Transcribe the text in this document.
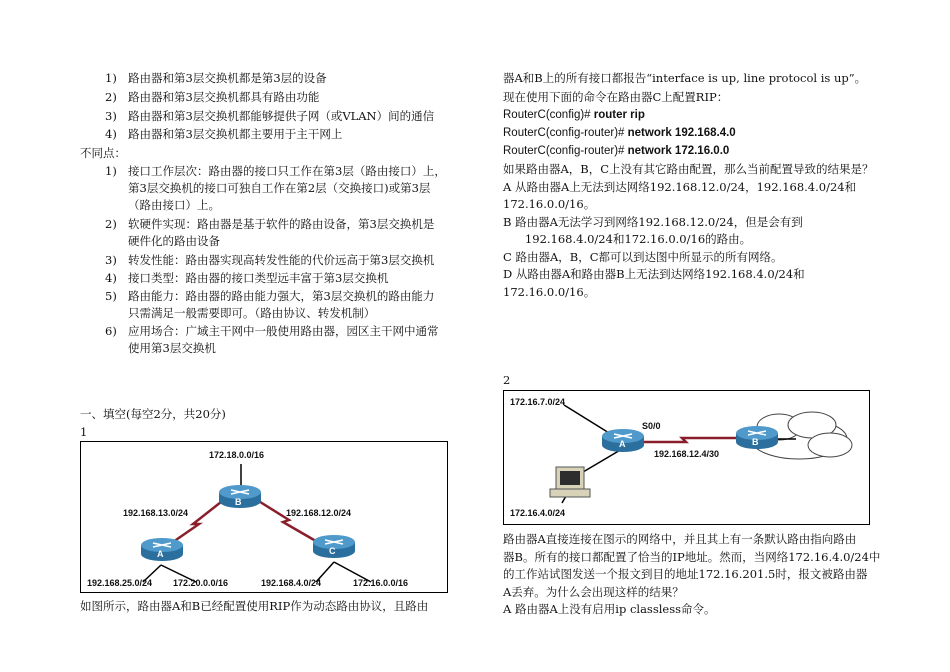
1) 路由器和第3层交换机都是第3层的设备
2) 路由器和第3层交换机都具有路由功能
3) 路由器和第3层交换机都能够提供子网（或VLAN）间的通信
4) 路由器和第3层交换机都主要用于主干网上
不同点：
1) 接口工作层次：路由器的接口只工作在第3层（路由接口）上，
第3层交换机的接口可独自工作在第2层（交换接口)或第3层
（路由接口）上。
2) 软硬件实现：路由器是基于软件的路由设备，第3层交换机是
硬件化的路由设备
3) 转发性能：路由器实现高转发性能的代价远高于第3层交换机
4) 接口类型：路由器的接口类型远丰富于第3层交换机
5) 路由能力：路由器的路由能力强大，第3层交换机的路由能力
只需满足一般需要即可。（路由协议、转发机制）
6) 应用场合：广域主干网中一般使用路由器，园区主干网中通常
使用第3层交换机
一、填空(每空2分，共20分)
1
172.18.0.0/16
B
192.168.13.0/24	192.168.12.0/24
A	C
192.168.25.0/24 172.20.0.0/16	192.168.4.0/24	172.16.0.0/16
如图所示，路由器A和B已经配置使用RIP作为动态路由协议，且路由
器A和B上的所有接口都报告“interface is up, line protocol is up”。
现在使用下面的命令在路由器C上配置RIP：
RouterC(config)# router rip
RouterC(config-router)# network 192.168.4.0
RouterC(config-router)# network 172.16.0.0
如果路由器A，B，C上没有其它路由配置，那么当前配置导致的结果是？
A 从路由器A上无法到达网络192.168.12.0/24，192.168.4.0/24和
172.16.0.0/16。
B 路由器A无法学习到网络192.168.12.0/24，但是会有到
192.168.4.0/24和172.16.0.0/16的路由。
C 路由器A，B，C都可以到达图中所显示的所有网络。
D 从路由器A和路由器B上无法到达网络192.168.4.0/24和
172.16.0.0/16。
2
172.16.7.0/24
S0/0
A	B
192.168.12.4/30
172.16.4.0/24
路由器A直接连接在图示的网络中，并且其上有一条默认路由指向路由
器B。所有的接口都配置了恰当的IP地址。然而，当网络172.16.4.0/24中
的工作站试图发送一个报文到目的地址172.16.201.5时，报文被路由器
A丢弃。为什么会出现这样的结果？
A 路由器A上没有启用ip classless命令。
